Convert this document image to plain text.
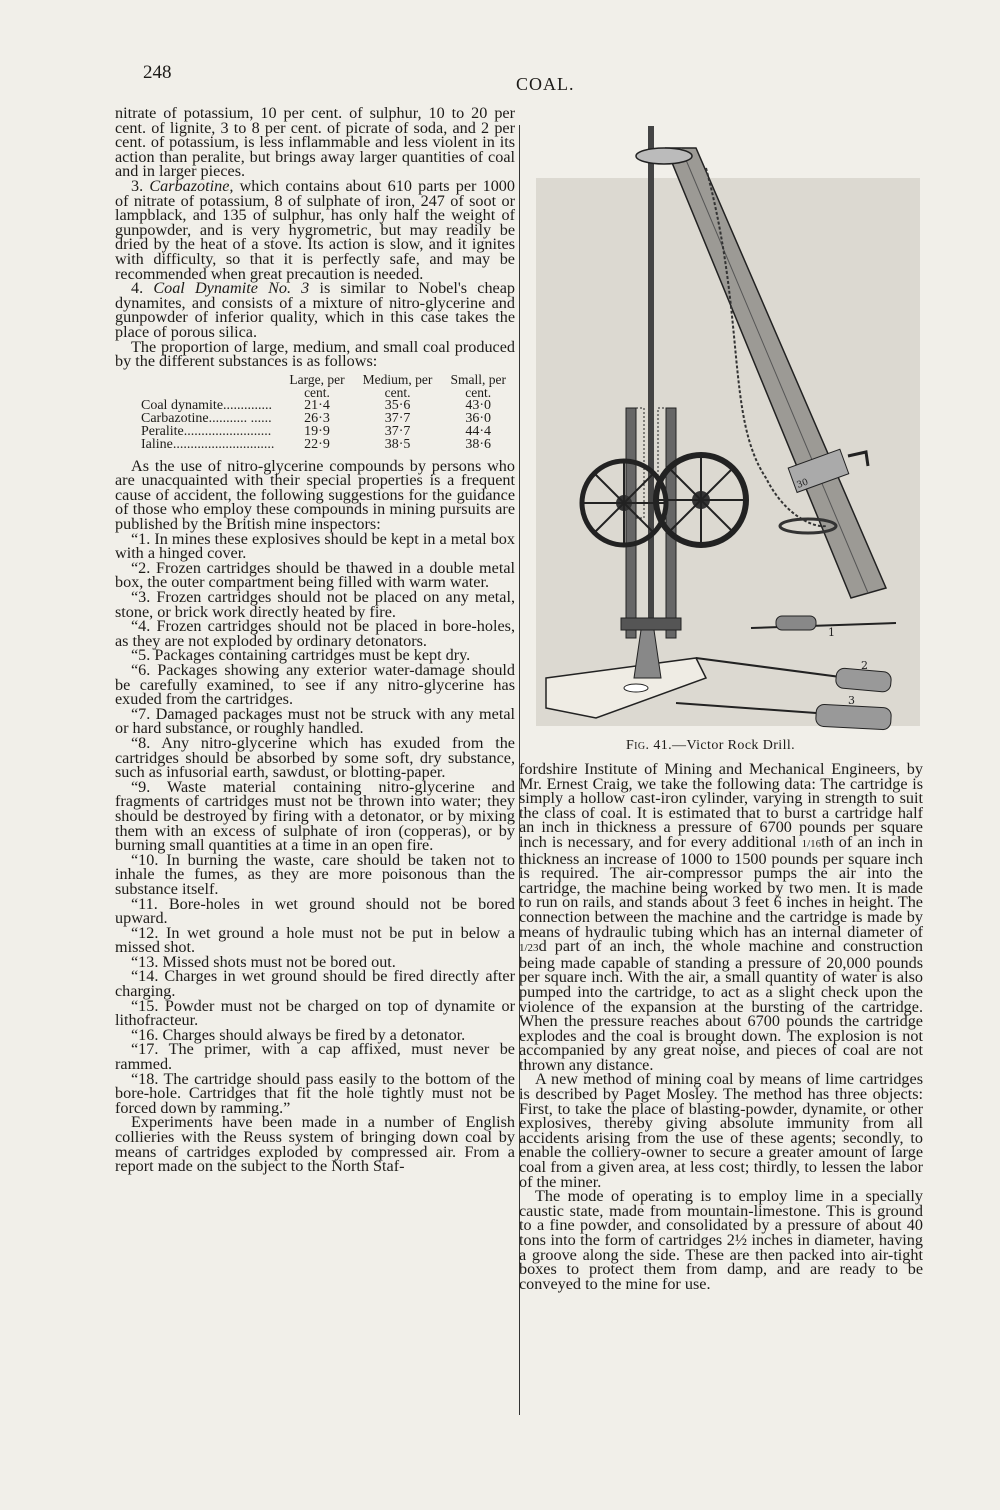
248
COAL.

nitrate of potassium, 10 per cent. of sulphur, 10 to 20 per cent. of lignite, 3 to 8 per cent. of picrate of soda, and 2 per cent. of potassium, is less inflammable and less violent in its action than peralite, but brings away larger quantities of coal and in larger pieces.

3. Carbazotine, which contains about 610 parts per 1000 of nitrate of potassium, 8 of sulphate of iron, 247 of soot or lampblack, and 135 of sulphur, has only half the weight of gunpowder, and is very hygrometric, but may readily be dried by the heat of a stove. Its action is slow, and it ignites with difficulty, so that it is perfectly safe, and may be recommended when great precaution is needed.

4. Coal Dynamite No. 3 is similar to Nobel's cheap dynamites, and consists of a mixture of nitro-glycerine and gunpowder of inferior quality, which in this case takes the place of porous silica.

The proportion of large, medium, and small coal produced by the different substances is as follows:

	Large, per cent.	Medium, per cent.	Small, per cent.
Coal dynamite..............	21·4	35·6	43·0
Carbazotine........... ......	26·3	37·7	36·0
Peralite.........................	19·9	37·7	44·4
Ialine.............................	22·9	38·5	38·6

As the use of nitro-glycerine compounds by persons who are unacquainted with their special properties is a frequent cause of accident, the following suggestions for the guidance of those who employ these compounds in mining pursuits are published by the British mine inspectors:

“1. In mines these explosives should be kept in a metal box with a hinged cover.

“2. Frozen cartridges should be thawed in a double metal box, the outer compartment being filled with warm water.

“3. Frozen cartridges should not be placed on any metal, stone, or brick work directly heated by fire.

“4. Frozen cartridges should not be placed in bore-holes, as they are not exploded by ordinary detonators.

“5. Packages containing cartridges must be kept dry.

“6. Packages showing any exterior water-damage should be carefully examined, to see if any nitro-glycerine has exuded from the cartridges.

“7. Damaged packages must not be struck with any metal or hard substance, or roughly handled.

“8. Any nitro-glycerine which has exuded from the cartridges should be absorbed by some soft, dry substance, such as infusorial earth, sawdust, or blotting-paper.

“9. Waste material containing nitro-glycerine and fragments of cartridges must not be thrown into water; they should be destroyed by firing with a detonator, or by mixing them with an excess of sulphate of iron (copperas), or by burning small quantities at a time in an open fire.

“10. In burning the waste, care should be taken not to inhale the fumes, as they are more poisonous than the substance itself.

“11. Bore-holes in wet ground should not be bored upward.

“12. In wet ground a hole must not be put in below a missed shot.

“13. Missed shots must not be bored out.

“14. Charges in wet ground should be fired directly after charging.

“15. Powder must not be charged on top of dynamite or lithofracteur.

“16. Charges should always be fired by a detonator.

“17. The primer, with a cap affixed, must never be rammed.

“18. The cartridge should pass easily to the bottom of the bore-hole. Cartridges that fit the hole tightly must not be forced down by ramming.”

Experiments have been made in a number of English collieries with the Reuss system of bringing down coal by means of cartridges exploded by compressed air. From a report made on the subject to the North Staf-

30
1
2
3
Fig. 41.—Victor Rock Drill.

fordshire Institute of Mining and Mechanical Engineers, by Mr. Ernest Craig, we take the following data: The cartridge is simply a hollow cast-iron cylinder, varying in strength to suit the class of coal. It is estimated that to burst a cartridge half an inch in thickness a pressure of 6700 pounds per square inch is necessary, and for every additional 1/16th of an inch in thickness an increase of 1000 to 1500 pounds per square inch is required. The air-compressor pumps the air into the cartridge, the machine being worked by two men. It is made to run on rails, and stands about 3 feet 6 inches in height. The connection between the machine and the cartridge is made by means of hydraulic tubing which has an internal diameter of 1/23d part of an inch, the whole machine and construction being made capable of standing a pressure of 20,000 pounds per square inch. With the air, a small quantity of water is also pumped into the cartridge, to act as a slight check upon the violence of the expansion at the bursting of the cartridge. When the pressure reaches about 6700 pounds the cartridge explodes and the coal is brought down. The explosion is not accompanied by any great noise, and pieces of coal are not thrown any distance.

A new method of mining coal by means of lime cartridges is described by Paget Mosley. The method has three objects: First, to take the place of blasting-powder, dynamite, or other explosives, thereby giving absolute immunity from all accidents arising from the use of these agents; secondly, to enable the colliery-owner to secure a greater amount of large coal from a given area, at less cost; thirdly, to lessen the labor of the miner.

The mode of operating is to employ lime in a specially caustic state, made from mountain-limestone. This is ground to a fine powder, and consolidated by a pressure of about 40 tons into the form of cartridges 2½ inches in diameter, having a groove along the side. These are then packed into air-tight boxes to protect them from damp, and are ready to be conveyed to the mine for use.
